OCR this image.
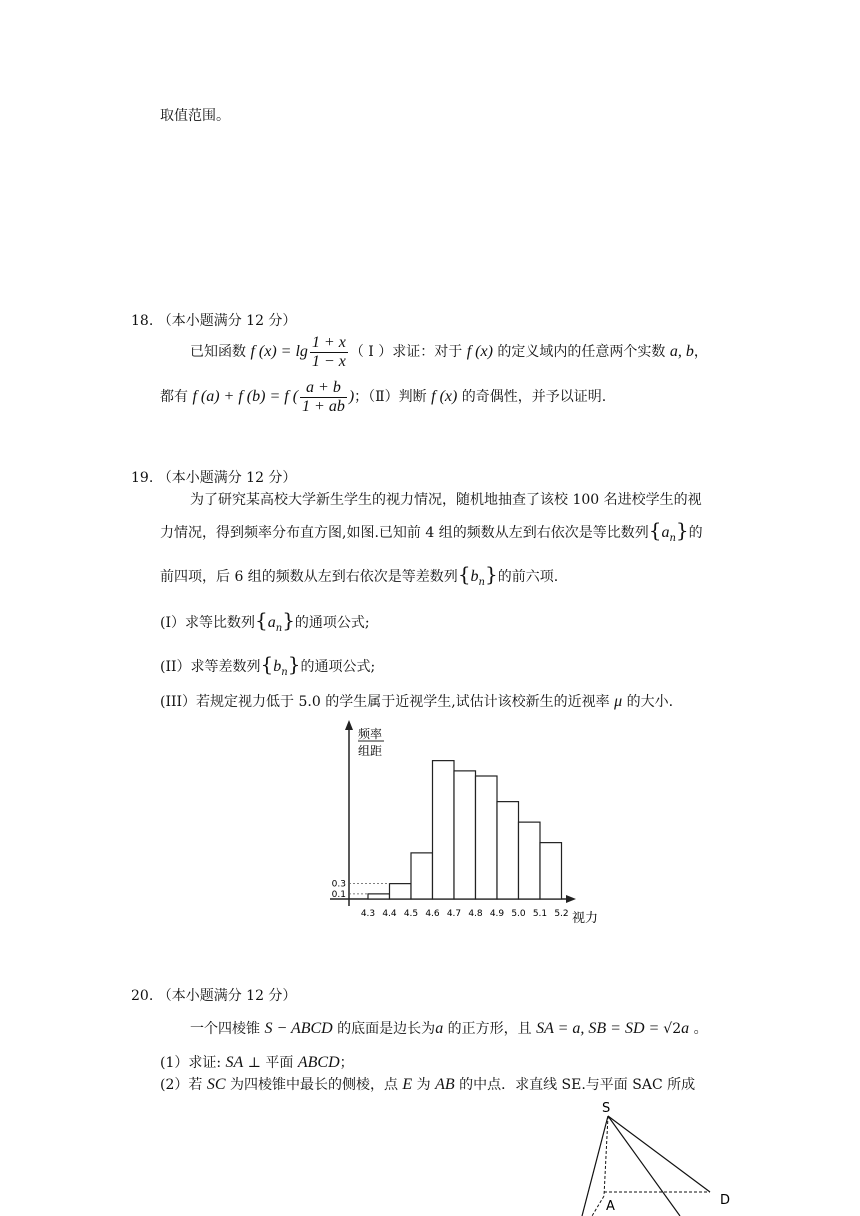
取值范围。
18. （本小题满分 12 分）
已知函数 f $(x) = \lg \frac{1 + x}{1 - x}$ （ Ⅰ ）求证：对于 f (x) 的定义域内的任意两个实数 a, b，
都有 f (a) + f (b) = f ( $\frac{a + b}{1 + ab}$ )；（Ⅱ）判断 f (x) 的奇偶性，并予以证明.
19. （本小题满分 12 分）
为了研究某高校大学新生学生的视力情况，随机地抽查了该校 100 名进校学生的视
力情况，得到频率分布直方图,如图.已知前 4 组的频数从左到右依次是等比数列$\{a_n\}$的
前四项，后 6 组的频数从左到右依次是等差数列$\{b_n\}$的前六项.
(I）求等比数列$\{a_n\}$的通项公式;
(II）求等差数列$\{b_n\}$的通项公式;
(III）若规定视力低于 5.0 的学生属于近视学生,试估计该校新生的近视率 μ 的大小.
频率
组距
视力
4.3 4.4 4.5 4.6 4.7 4.8 4.9 5.0 5.1 5.2
0.1
0.3
20. （本小题满分 12 分）
一个四棱锥 S − ABCD 的底面是边长为a 的正方形，且 SA = a, SB = SD = √2a 。
(1）求证: SA ⊥ 平面 ABCD；
(2）若 SC 为四棱锥中最长的侧棱，点 E 为 AB 的中点．求直线 SE.与平面 SAC 所成
S
A	D
